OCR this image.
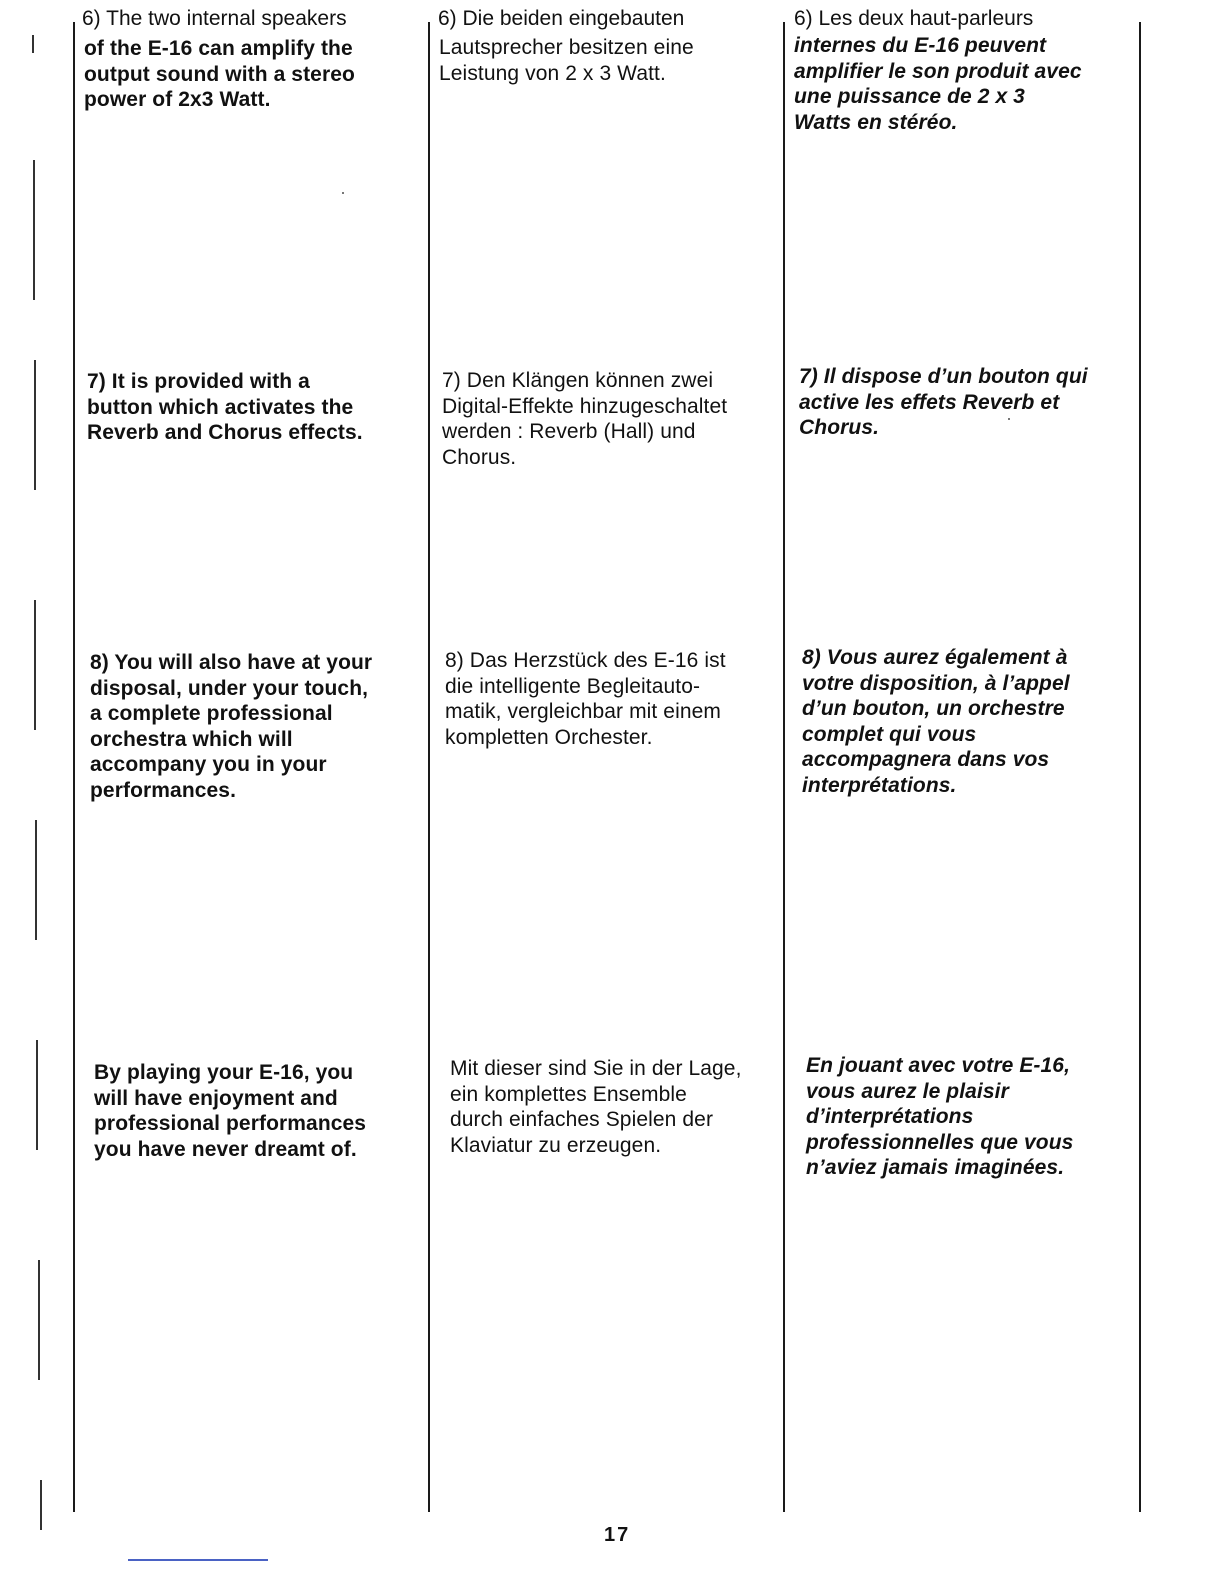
6) The two internal speakers	6) Die beiden eingebauten	6) Les deux haut-parleurs

of the E-16 can amplify the
output sound with a stereo
power of 2x3 Watt.

Lautsprecher besitzen eine
Leistung von 2 x 3 Watt.

internes du E-16 peuvent
amplifier le son produit avec
une puissance de 2 x 3
Watts en stéréo.

7) It is provided with a
button which activates the
Reverb and Chorus effects.

7) Den Klängen können zwei
Digital-Effekte hinzugeschaltet
werden : Reverb (Hall) und
Chorus.

7) Il dispose d’un bouton qui
active les effets Reverb et
Chorus.

8) You will also have at your
disposal, under your touch,
a complete professional
orchestra which will
accompany you in your
performances.

8) Das Herzstück des E-16 ist
die intelligente Begleitauto-
matik, vergleichbar mit einem
kompletten Orchester.

8) Vous aurez également à
votre disposition, à l’appel
d’un bouton, un orchestre
complet qui vous
accompagnera dans vos
interprétations.

By playing your E-16, you
will have enjoyment and
professional performances
you have never dreamt of.

Mit dieser sind Sie in der Lage,
ein komplettes Ensemble
durch einfaches Spielen der
Klaviatur zu erzeugen.

En jouant avec votre E-16,
vous aurez le plaisir
d’interprétations
professionnelles que vous
n’aviez jamais imaginées.

17
